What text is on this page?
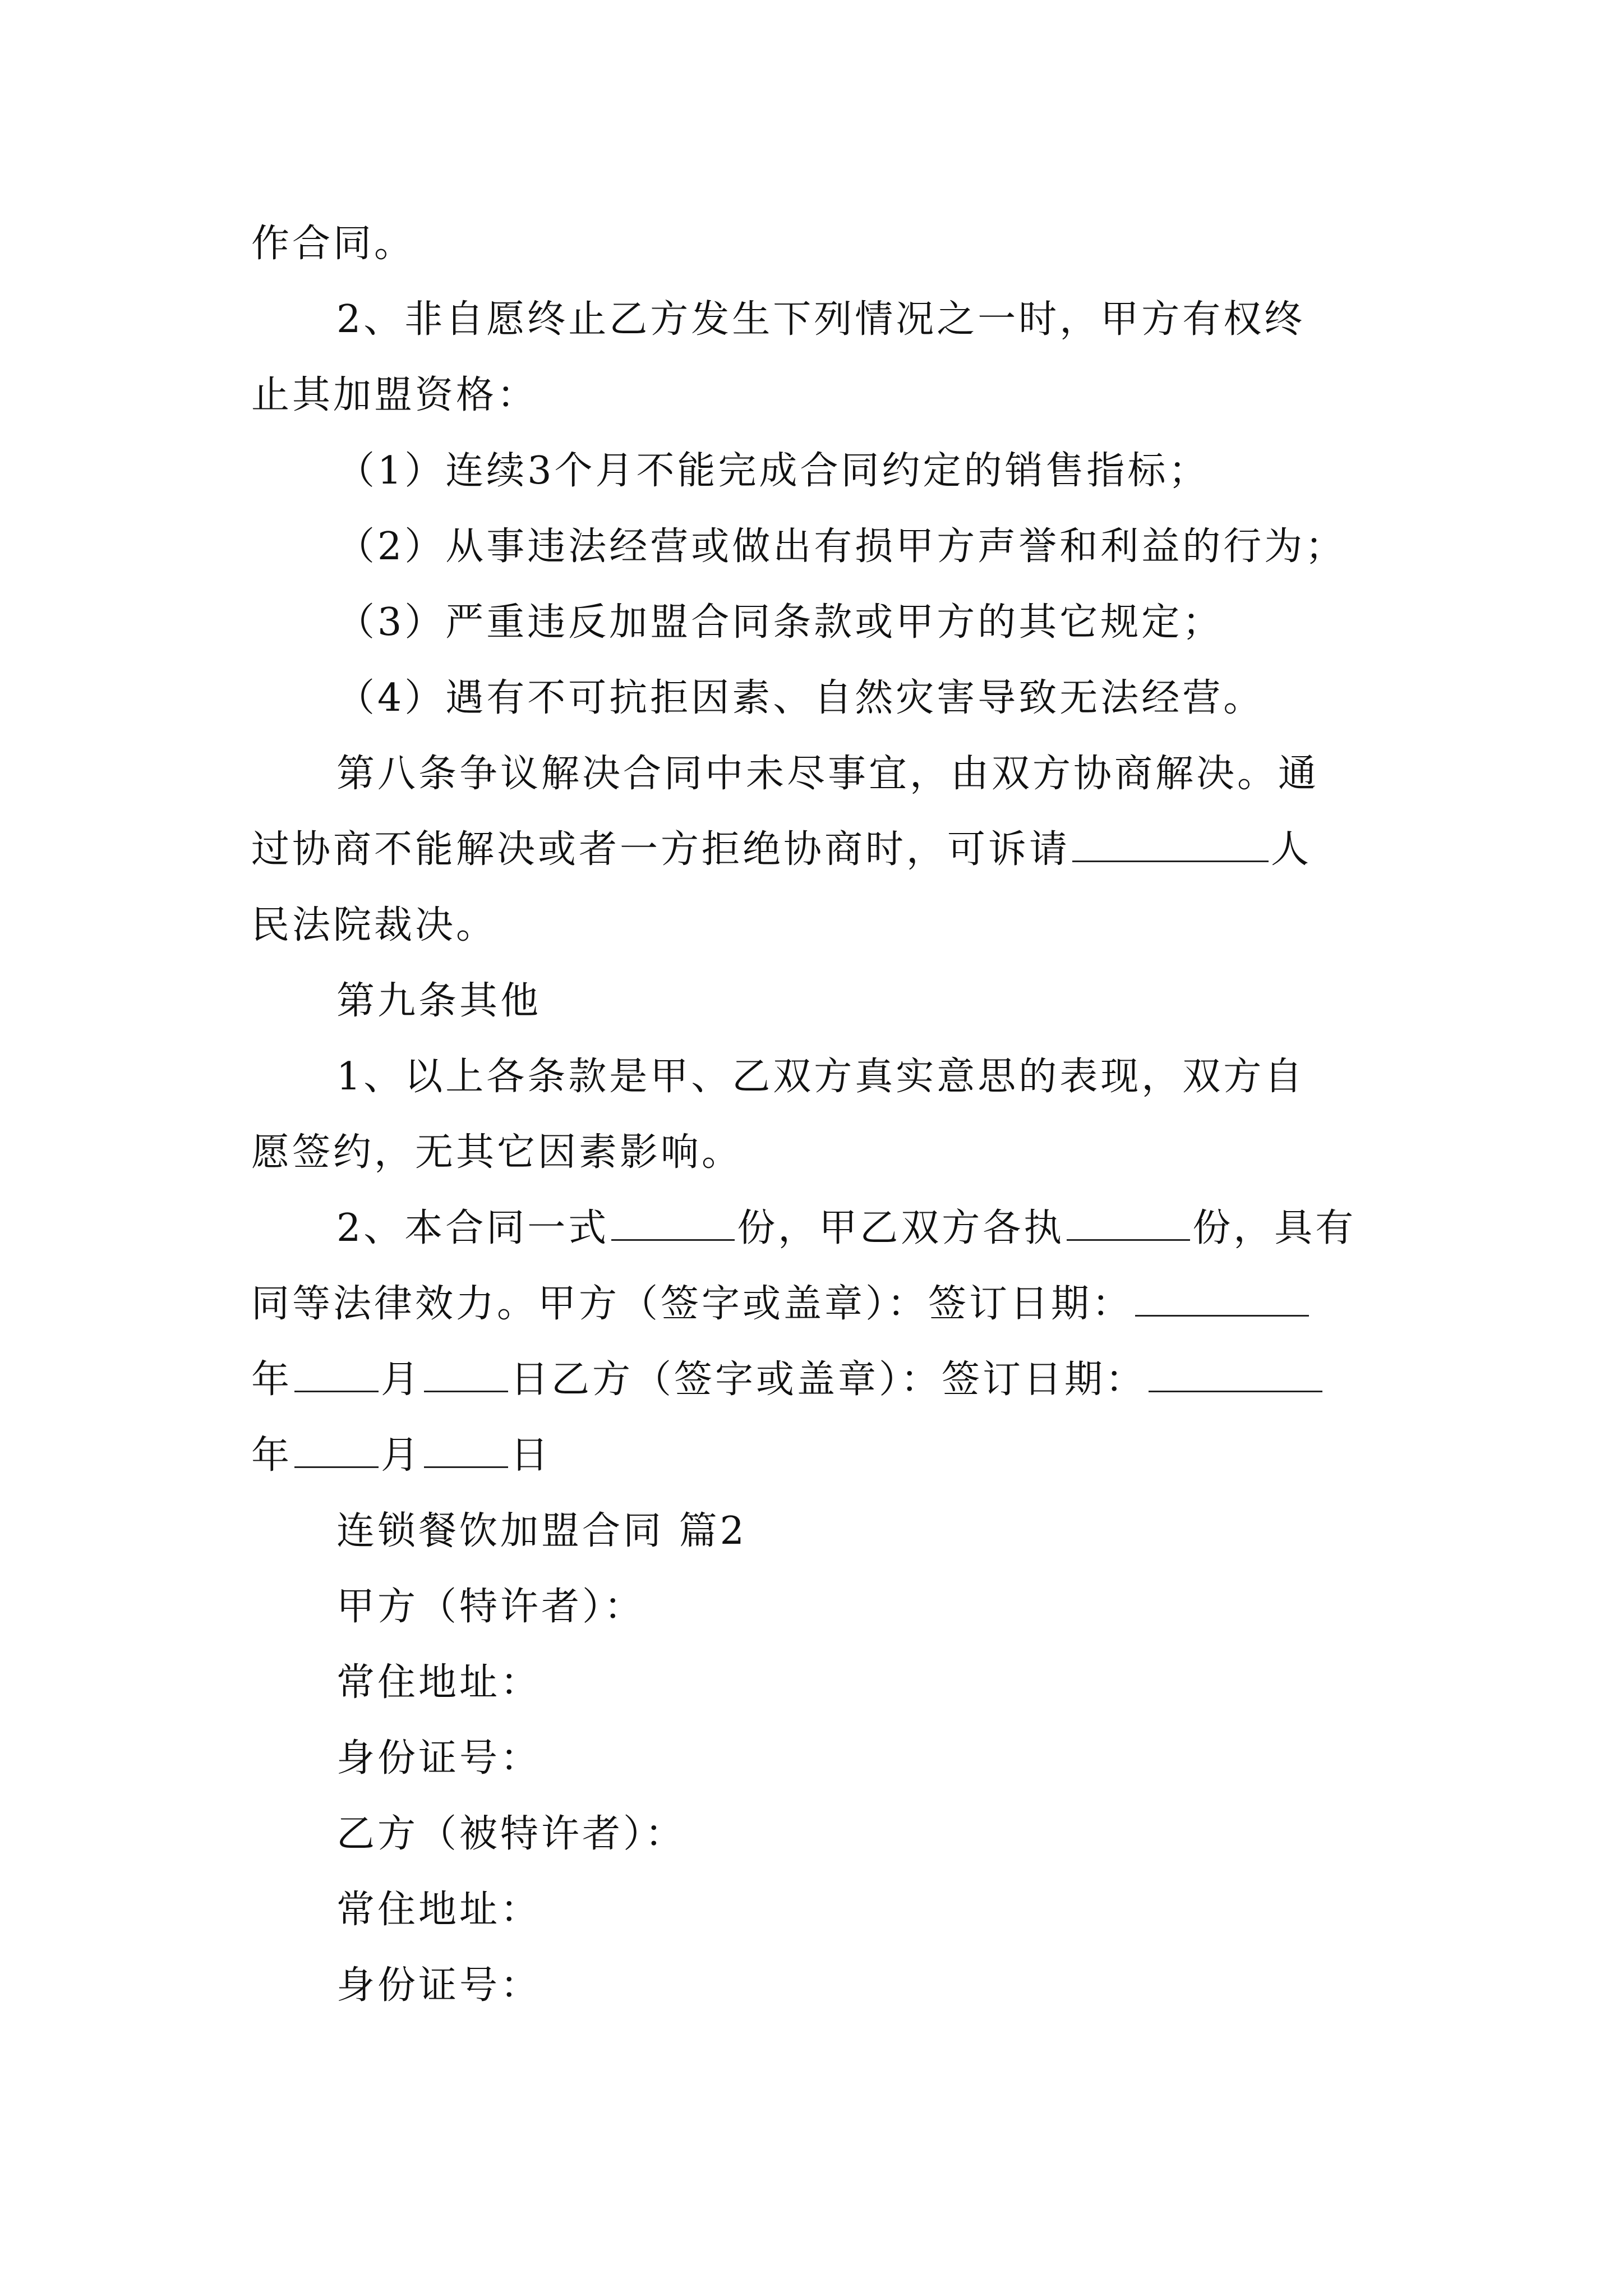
作合同。
2、非自愿终止乙方发生下列情况之一时，甲方有权终
止其加盟资格：
（1）连续3个月不能完成合同约定的销售指标；
（2）从事违法经营或做出有损甲方声誉和利益的行为；
（3）严重违反加盟合同条款或甲方的其它规定；
（4）遇有不可抗拒因素、自然灾害导致无法经营。
第八条争议解决合同中未尽事宜，由双方协商解决。通
过协商不能解决或者一方拒绝协商时，可诉请	人
民法院裁决。
第九条其他
1、以上各条款是甲、乙双方真实意思的表现，双方自
愿签约，无其它因素影响。
2、本合同一式	份，甲乙双方各执	份，具有
同等法律效力。甲方（签字或盖章）：签订日期：
年 月 日乙方（签字或盖章）：签订日期：
年 月 日
连锁餐饮加盟合同 篇2
甲方（特许者）：
常住地址：
身份证号：
乙方（被特许者）：
常住地址：
身份证号：
